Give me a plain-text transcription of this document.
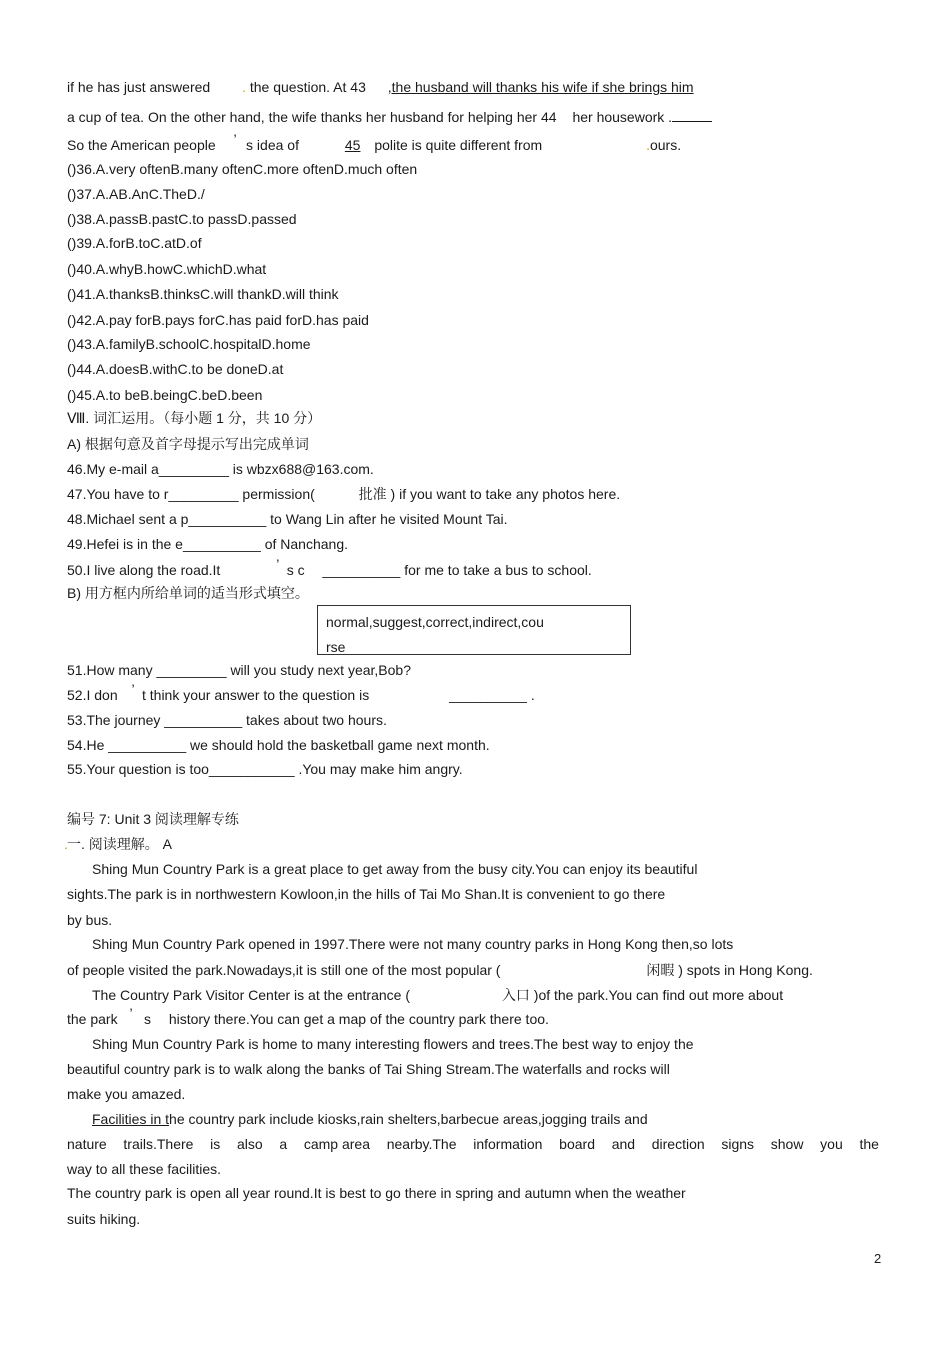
if he has just answered . the question. At 43 ,the husband will thanks his wife if she brings him
a cup of tea. On the other hand, the wife thanks her husband for helping her 44 her housework .
So the American people ’ s idea of	45 polite is quite different from	.ours.
()36.A.very oftenB.many oftenC.more oftenD.much often
()37.A.AB.AnC.TheD./
()38.A.passB.pastC.to passD.passed
()39.A.forB.toC.atD.of
()40.A.whyB.howC.whichD.what
()41.A.thanksB.thinksC.will thankD.will think
()42.A.pay forB.pays forC.has paid forD.has paid
()43.A.familyB.schoolC.hospitalD.home
()44.A.doesB.withC.to be doneD.at
()45.A.to beB.beingC.beD.been
Ⅷ. 词汇运用。（每小题 1 分，共 10 分）
A) 根据句意及首字母提示写出完成单词
46.My e-mail a_________ is wbzx688@163.com.
47.You have to r_________ permission(	批准 ) if you want to take any photos here.
48.Michael sent a p__________ to Wang Lin after he visited Mount Tai.
49.Hefei is in the e__________ of Nanchang.
50.I live along the road.It	’ s c __________ for me to take a bus to school.
B) 用方框内所给单词的适当形式填空。
normal,suggest,correct,indirect,cou
rse
51.How many _________ will you study next year,Bob?
52.I don ’ t think your answer to the question is	__________ .
53.The journey __________ takes about two hours.
54.He __________ we should hold the basketball game next month.
55.Your question is too___________ .You may make him angry.
编号 7: Unit 3 阅读理解专练
. 一. 阅读理解。 A
Shing Mun Country Park is a great place to get away from the busy city.You can enjoy its beautiful
sights.The park is in northwestern Kowloon,in the hills of Tai Mo Shan.It is convenient to go there
by bus.
Shing Mun Country Park opened in 1997.There were not many country parks in Hong Kong then,so lots
of people visited the park.Nowadays,it is still one of the most popular (	闲暇 ) spots in Hong Kong.
The Country Park Visitor Center is at the entrance (	入口 )of the park.You can find out more about
the park ’ s history there.You can get a map of the country park there too.
Shing Mun Country Park is home to many interesting flowers and trees.The best way to enjoy the
beautiful country park is to walk along the banks of Tai Shing Stream.The waterfalls and rocks will
make you amazed.
Facilities in the country park include kiosks,rain shelters,barbecue areas,jogging trails and
nature trails.There is also a camp area nearby.The information board and direction signs show you the
way to all these facilities.
The country park is open all year round.It is best to go there in spring and autumn when the weather
suits hiking.
2
